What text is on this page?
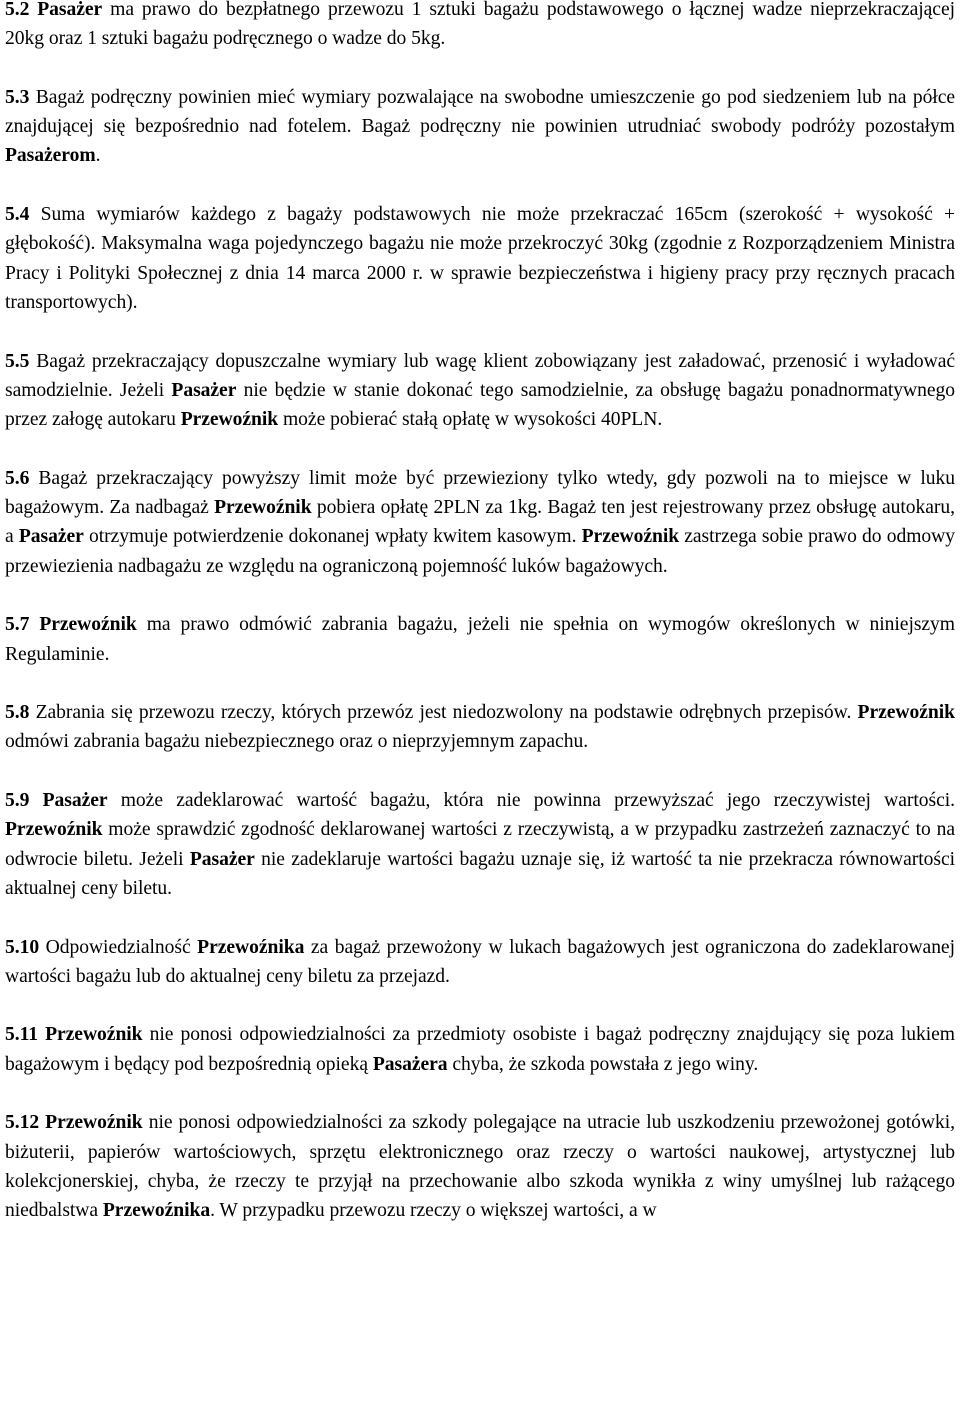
5.2 Pasażer ma prawo do bezpłatnego przewozu 1 sztuki bagażu podstawowego o łącznej wadze nieprzekraczającej 20kg oraz 1 sztuki bagażu podręcznego o wadze do 5kg.

5.3 Bagaż podręczny powinien mieć wymiary pozwalające na swobodne umieszczenie go pod siedzeniem lub na półce znajdującej się bezpośrednio nad fotelem. Bagaż podręczny nie powinien utrudniać swobody podróży pozostałym Pasażerom.

5.4 Suma wymiarów każdego z bagaży podstawowych nie może przekraczać 165cm (szerokość + wysokość + głębokość). Maksymalna waga pojedynczego bagażu nie może przekroczyć 30kg (zgodnie z Rozporządzeniem Ministra Pracy i Polityki Społecznej z dnia 14 marca 2000 r. w sprawie bezpieczeństwa i higieny pracy przy ręcznych pracach transportowych).

5.5 Bagaż przekraczający dopuszczalne wymiary lub wagę klient zobowiązany jest załadować, przenosić i wyładować samodzielnie. Jeżeli Pasażer nie będzie w stanie dokonać tego samodzielnie, za obsługę bagażu ponadnormatywnego przez załogę autokaru Przewoźnik może pobierać stałą opłatę w wysokości 40PLN.

5.6 Bagaż przekraczający powyższy limit może być przewieziony tylko wtedy, gdy pozwoli na to miejsce w luku bagażowym. Za nadbagaż Przewoźnik pobiera opłatę 2PLN za 1kg. Bagaż ten jest rejestrowany przez obsługę autokaru, a Pasażer otrzymuje potwierdzenie dokonanej wpłaty kwitem kasowym. Przewoźnik zastrzega sobie prawo do odmowy przewiezienia nadbagażu ze względu na ograniczoną pojemność luków bagażowych.

5.7 Przewoźnik ma prawo odmówić zabrania bagażu, jeżeli nie spełnia on wymogów określonych w niniejszym Regulaminie.

5.8 Zabrania się przewozu rzeczy, których przewóz jest niedozwolony na podstawie odrębnych przepisów. Przewoźnik odmówi zabrania bagażu niebezpiecznego oraz o nieprzyjemnym zapachu.

5.9 Pasażer może zadeklarować wartość bagażu, która nie powinna przewyższać jego rzeczywistej wartości. Przewoźnik może sprawdzić zgodność deklarowanej wartości z rzeczywistą, a w przypadku zastrzeżeń zaznaczyć to na odwrocie biletu. Jeżeli Pasażer nie zadeklaruje wartości bagażu uznaje się, iż wartość ta nie przekracza równowartości aktualnej ceny biletu.

5.10 Odpowiedzialność Przewoźnika za bagaż przewożony w lukach bagażowych jest ograniczona do zadeklarowanej wartości bagażu lub do aktualnej ceny biletu za przejazd.

5.11 Przewoźnik nie ponosi odpowiedzialności za przedmioty osobiste i bagaż podręczny znajdujący się poza lukiem bagażowym i będący pod bezpośrednią opieką Pasażera chyba, że szkoda powstała z jego winy.

5.12 Przewoźnik nie ponosi odpowiedzialności za szkody polegające na utracie lub uszkodzeniu przewożonej gotówki, biżuterii, papierów wartościowych, sprzętu elektronicznego oraz rzeczy o wartości naukowej, artystycznej lub kolekcjonerskiej, chyba, że rzeczy te przyjął na przechowanie albo szkoda wynikła z winy umyślnej lub rażącego niedbalstwa Przewoźnika. W przypadku przewozu rzeczy o większej wartości, a w
